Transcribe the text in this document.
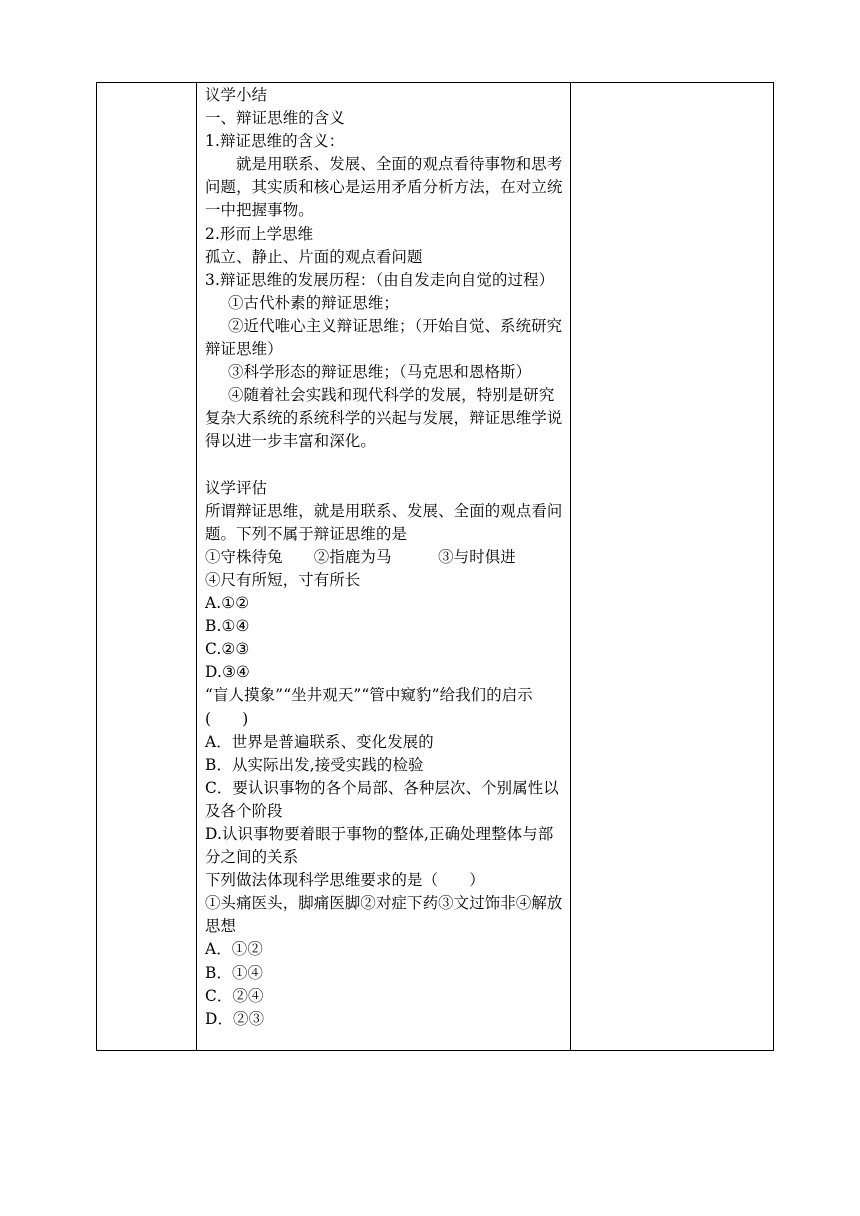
议学小结

一、辩证思维的含义

1.辩证思维的含义：

就是用联系、发展、全面的观点看待事物和思考问题，其实质和核心是运用矛盾分析方法，在对立统一中把握事物。

2.形而上学思维

孤立、静止、片面的观点看问题

3.辩证思维的发展历程：（由自发走向自觉的过程）

①古代朴素的辩证思维；

②近代唯心主义辩证思维；（开始自觉、系统研究辩证思维）

③科学形态的辩证思维；（马克思和恩格斯）

④随着社会实践和现代科学的发展，特别是研究复杂大系统的系统科学的兴起与发展，辩证思维学说得以进一步丰富和深化。

议学评估

所谓辩证思维，就是用联系、发展、全面的观点看问题。下列不属于辩证思维的是

①守株待兔　　②指鹿为马　　　③与时俱进

④尺有所短，寸有所长

A.①②

B.①④

C.②③

D.③④

“盲人摸象”“坐井观天”“管中窥豹”给我们的启示(　　)

A．世界是普遍联系、变化发展的

B．从实际出发,接受实践的检验

C．要认识事物的各个局部、各种层次、个别属性以及各个阶段

D.认识事物要着眼于事物的整体,正确处理整体与部分之间的关系

下列做法体现科学思维要求的是（　　）

①头痛医头，脚痛医脚②对症下药③文过饰非④解放思想

A．①②

B．①④

C．②④

D．②③
